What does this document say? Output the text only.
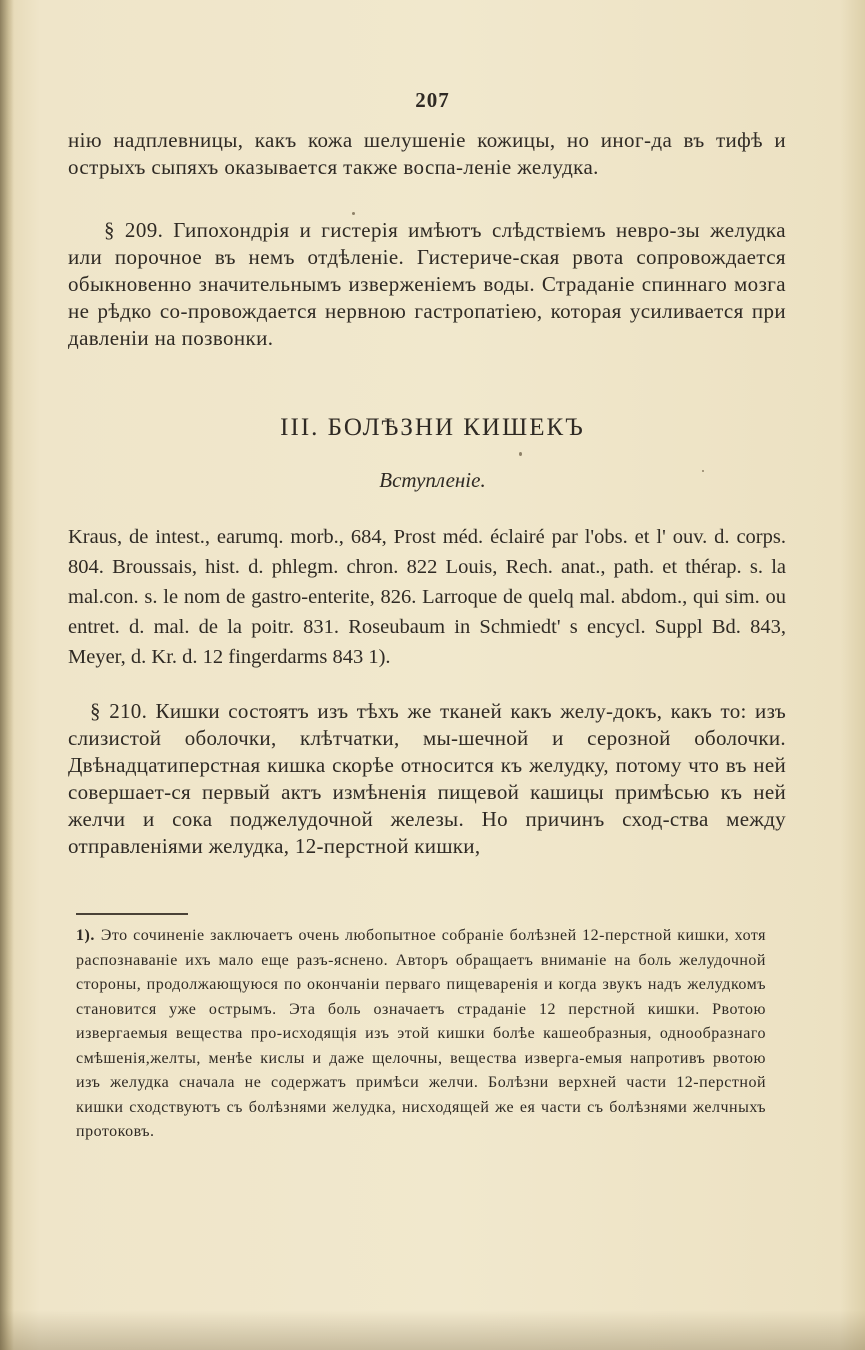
207

нію надплевницы, какъ кожа шелушеніе кожицы, но иног-да въ тифѣ и острыхъ сыпяхъ оказывается также воспа-леніе желудка.

§ 209. Гипохондрія и гистерія имѣютъ слѣдствіемъ невро-зы желудка или порочное въ немъ отдѣленіе. Гистериче-ская рвота сопровождается обыкновенно значительнымъ изверженіемъ воды. Страданіе спиннаго мозга не рѣдко со-провождается нервною гастропатіею, которая усиливается при давленіи на позвонки.

III. БОЛѢЗНИ КИШЕКЪ
Вступленіе.

Kraus, de intest., earumq. morb., 684, Prost méd. éclairé par l'obs. et l' ouv. d. corps. 804. Broussais, hist. d. phlegm. chron. 822 Louis, Rech. anat., path. et thérap. s. la mal.con. s. le nom de gastro-enterite, 826. Larroque de quelq mal. abdom., qui sim. ou entret. d. mal. de la poitr. 831. Roseubaum in Schmiedt' s encycl. Suppl Bd. 843, Meyer, d. Kr. d. 12 fingerdarms 843 1).

§ 210. Кишки состоятъ изъ тѣхъ же тканей какъ желу-докъ, какъ то: изъ слизистой оболочки, клѣтчатки, мы-шечной и серозной оболочки. Двѣнадцатиперстная кишка скорѣе относится къ желудку, потому что въ ней совершает-ся первый актъ измѣненія пищевой кашицы примѣсью къ ней желчи и сока поджелудочной железы. Но причинъ сход-ства между отправленіями желудка, 12-перстной кишки,

1). Это сочиненіе заключаетъ очень любопытное собраніе болѣзней 12-перстной кишки, хотя распознаваніе ихъ мало еще разъ-яснено. Авторъ обращаетъ вниманіе на боль желудочной стороны, продолжающуюся по окончаніи перваго пищеваренія и когда звукъ надъ желудкомъ становится уже острымъ. Эта боль означаетъ страданіе 12 перстной кишки. Рвотою извергаемыя вещества про-исходящія изъ этой кишки болѣе кашеобразныя, однообразнаго смѣшенія,желты, менѣе кислы и даже щелочны, вещества изверга-емыя напротивъ рвотою изъ желудка сначала не содержатъ примѣси желчи. Болѣзни верхней части 12-перстной кишки сходствуютъ съ болѣзнями желудка, нисходящей же ея части съ болѣзнями желчныхъ протоковъ.
